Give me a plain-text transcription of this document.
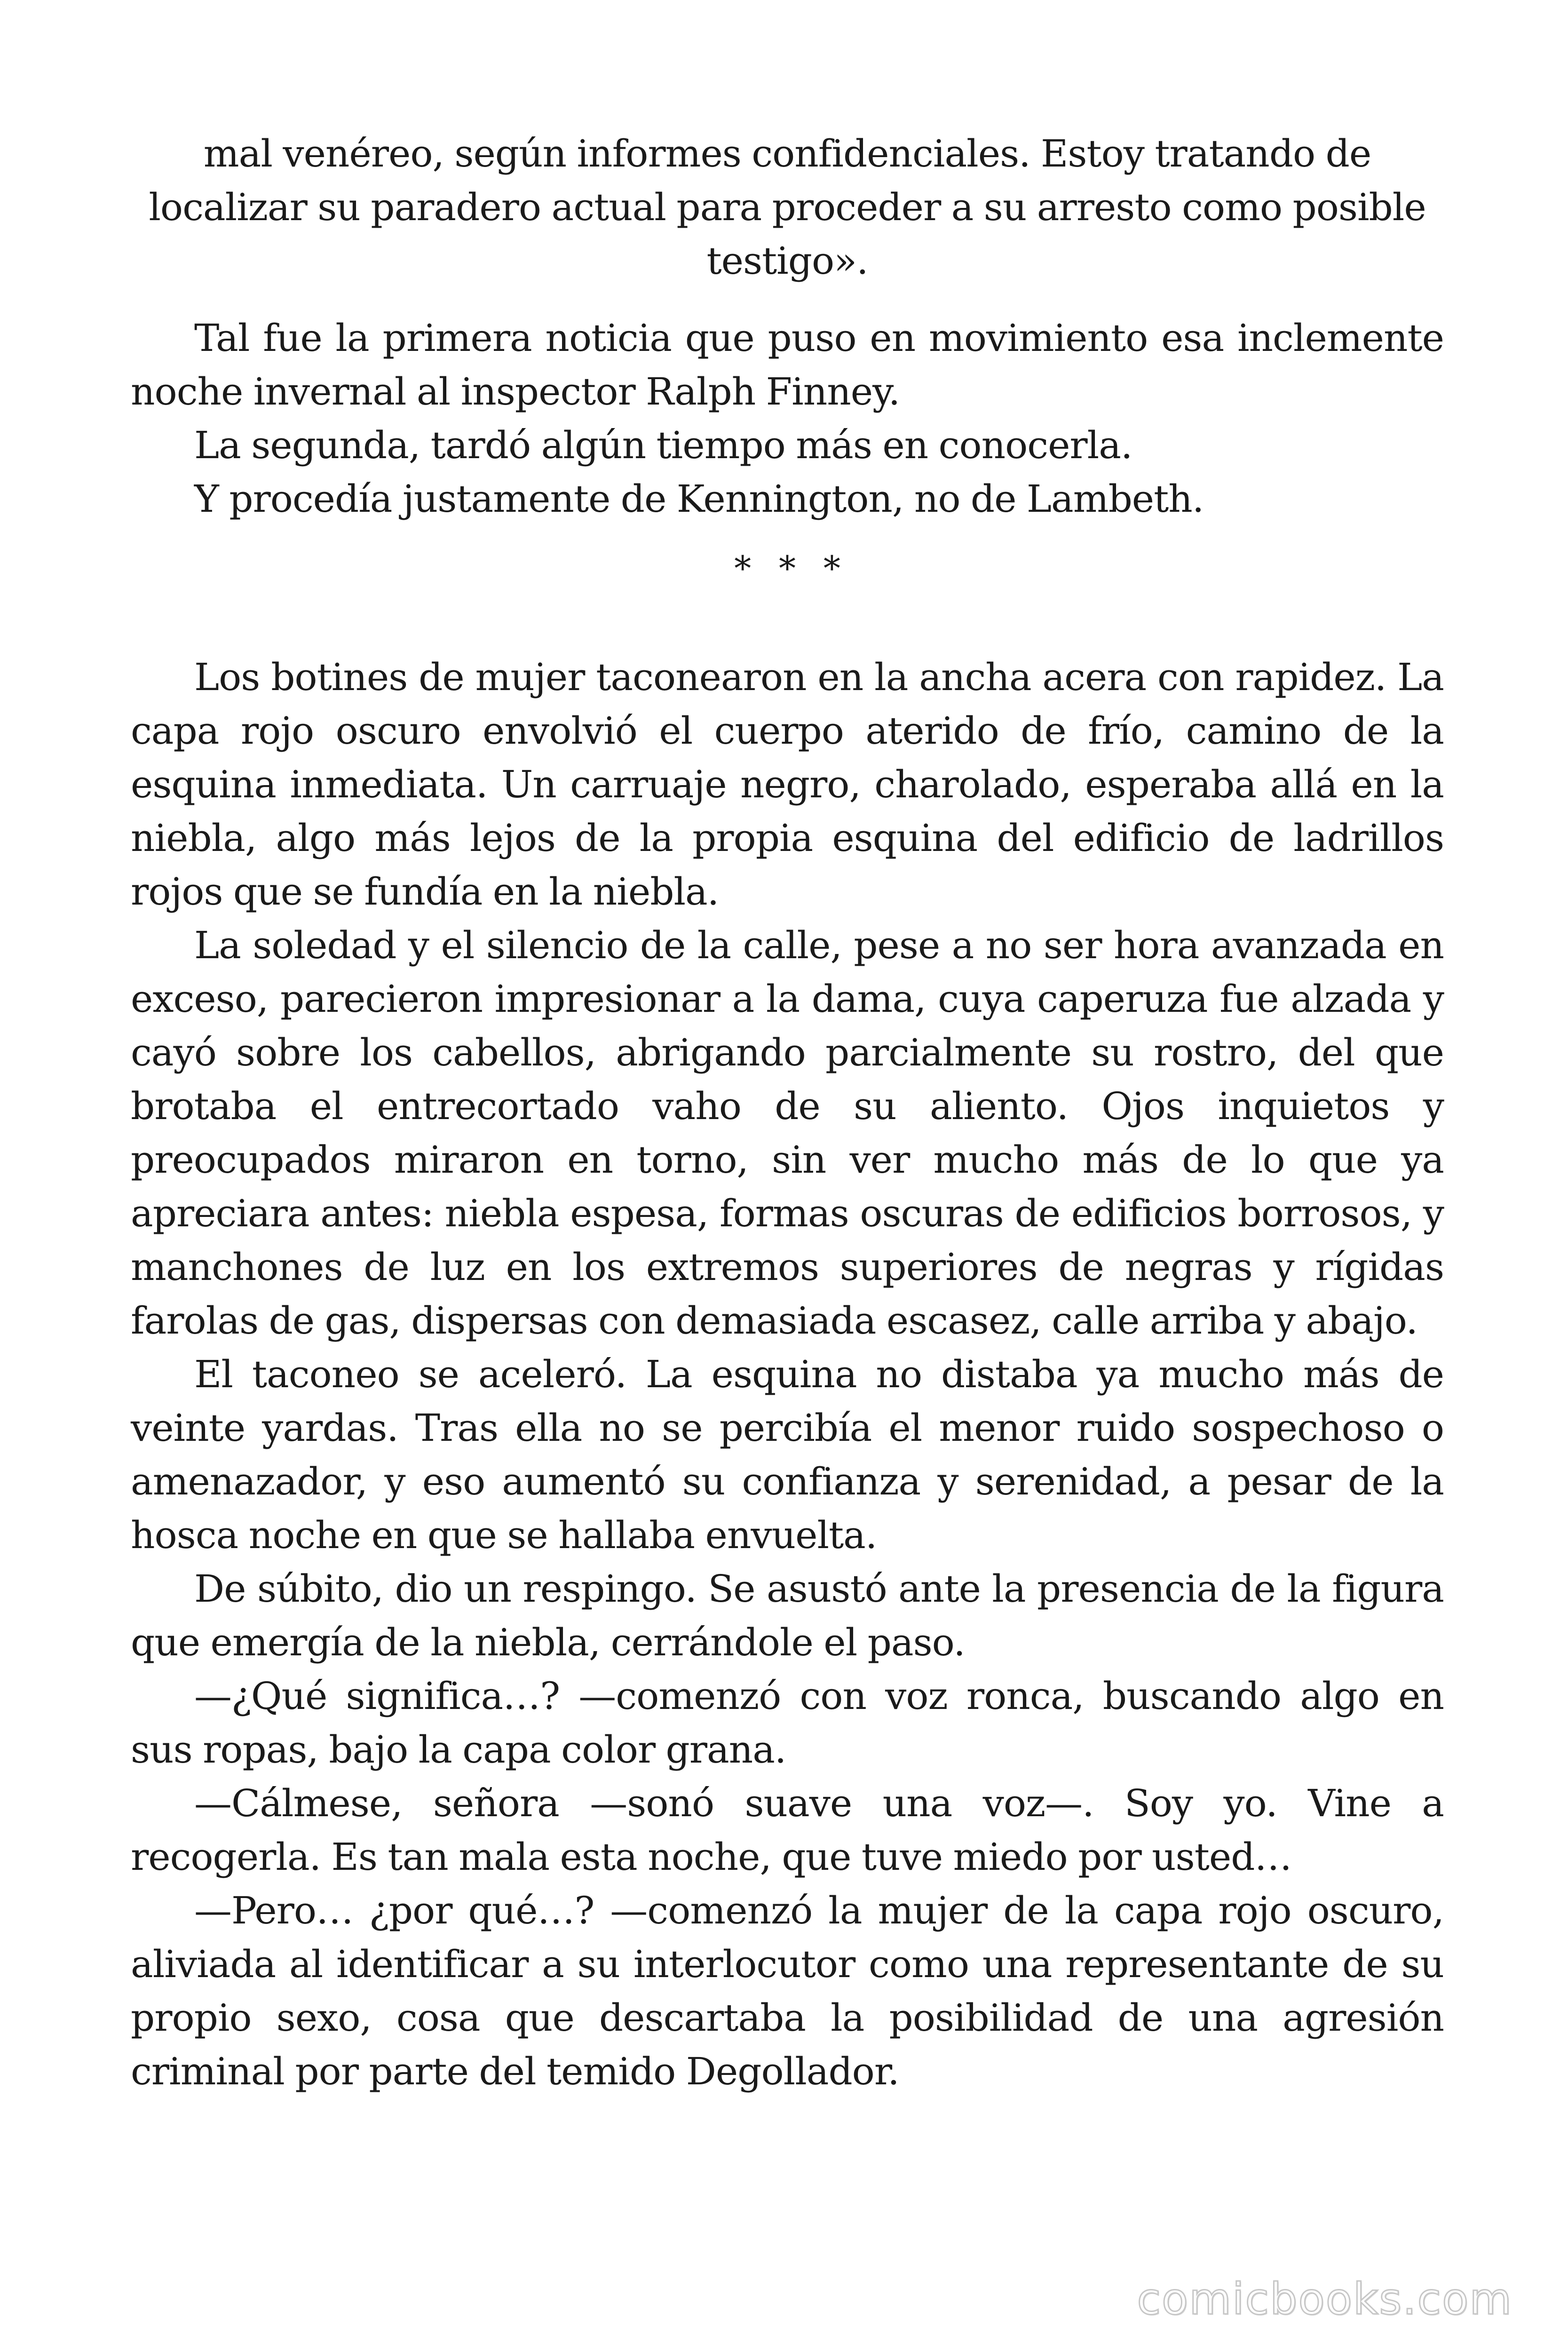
mal venéreo, según informes confidenciales. Estoy tratando de localizar su paradero actual para proceder a su arresto como posible testigo».

Tal fue la primera noticia que puso en movimiento esa inclemente noche invernal al inspector Ralph Finney.

La segunda, tardó algún tiempo más en conocerla.

Y procedía justamente de Kennington, no de Lambeth.

* * *

Los botines de mujer taconearon en la ancha acera con rapidez. La capa rojo oscuro envolvió el cuerpo aterido de frío, camino de la esquina inmediata. Un carruaje negro, charolado, esperaba allá en la niebla, algo más lejos de la propia esquina del edificio de ladrillos rojos que se fundía en la niebla.

La soledad y el silencio de la calle, pese a no ser hora avanzada en exceso, parecieron impresionar a la dama, cuya caperuza fue alzada y cayó sobre los cabellos, abrigando parcialmente su rostro, del que brotaba el entrecortado vaho de su aliento. Ojos inquietos y preocupados miraron en torno, sin ver mucho más de lo que ya apreciara antes: niebla espesa, formas oscuras de edificios borrosos, y manchones de luz en los extremos superiores de negras y rígidas farolas de gas, dispersas con demasiada escasez, calle arriba y abajo.

El taconeo se aceleró. La esquina no distaba ya mucho más de veinte yardas. Tras ella no se percibía el menor ruido sospechoso o amenazador, y eso aumentó su confianza y serenidad, a pesar de la hosca noche en que se hallaba envuelta.

De súbito, dio un respingo. Se asustó ante la presencia de la figura que emergía de la niebla, cerrándole el paso.

—¿Qué significa…? —comenzó con voz ronca, buscando algo en sus ropas, bajo la capa color grana.

—Cálmese, señora —sonó suave una voz—. Soy yo. Vine a recogerla. Es tan mala esta noche, que tuve miedo por usted…

—Pero… ¿por qué…? —comenzó la mujer de la capa rojo oscuro, aliviada al identificar a su interlocutor como una representante de su propio sexo, cosa que descartaba la posibilidad de una agresión criminal por parte del temido Degollador.

comicbooks.com
